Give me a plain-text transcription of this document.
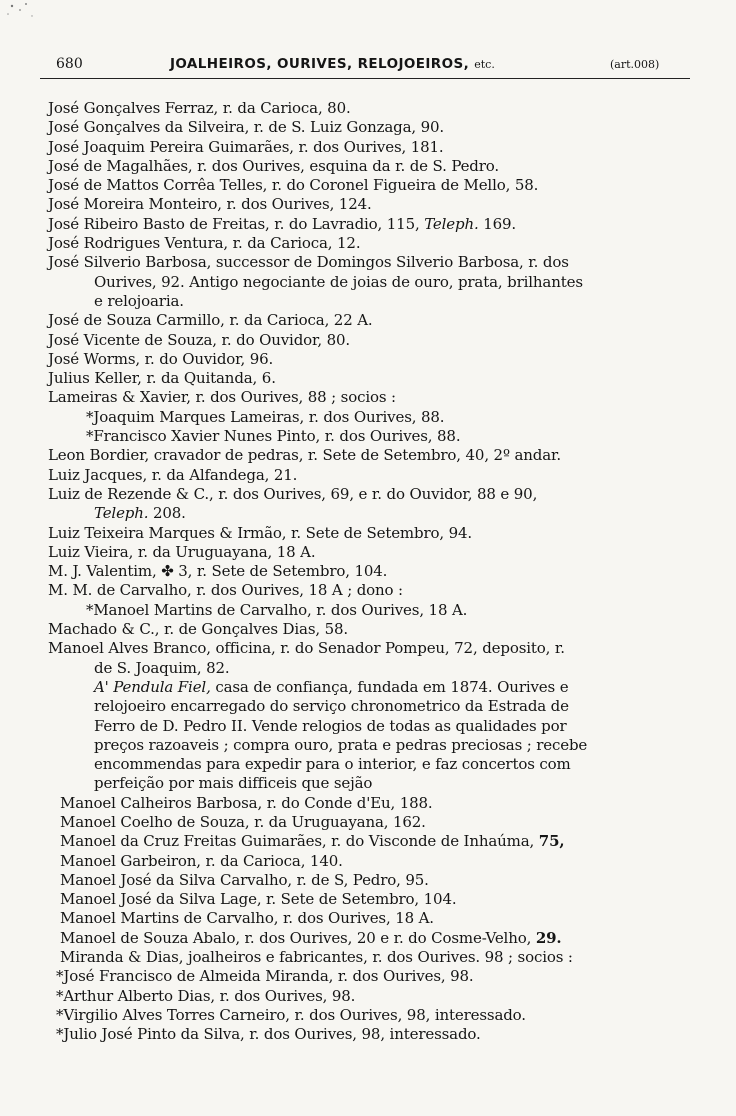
680	JOALHEIROS, OURIVES, RELOJOEIROS, etc.	(art.008)
José Gonçalves Ferraz, r. da Carioca, 80.
José Gonçalves da Silveira, r. de S. Luiz Gonzaga, 90.
José Joaquim Pereira Guimarães, r. dos Ourives, 181.
José de Magalhães, r. dos Ourives, esquina da r. de S. Pedro.
José de Mattos Corrêa Telles, r. do Coronel Figueira de Mello, 58.
José Moreira Monteiro, r. dos Ourives, 124.
José Ribeiro Basto de Freitas, r. do Lavradio, 115, Teleph. 169.
José Rodrigues Ventura, r. da Carioca, 12.
José Silverio Barbosa, successor de Domingos Silverio Barbosa, r. dos
Ourives, 92. Antigo negociante de joias de ouro, prata, brilhantes
e relojoaria.
José de Souza Carmillo, r. da Carioca, 22 A.
José Vicente de Souza, r. do Ouvidor, 80.
José Worms, r. do Ouvidor, 96.
Julius Keller, r. da Quitanda, 6.
Lameiras & Xavier, r. dos Ourives, 88 ; socios :
*Joaquim Marques Lameiras, r. dos Ourives, 88.
*Francisco Xavier Nunes Pinto, r. dos Ourives, 88.
Leon Bordier, cravador de pedras, r. Sete de Setembro, 40, 2º andar.
Luiz Jacques, r. da Alfandega, 21.
Luiz de Rezende & C., r. dos Ourives, 69, e r. do Ouvidor, 88 e 90,
Teleph. 208.
Luiz Teixeira Marques & Irmão, r. Sete de Setembro, 94.
Luiz Vieira, r. da Uruguayana, 18 A.
M. J. Valentim, ✤ 3, r. Sete de Setembro, 104.
M. M. de Carvalho, r. dos Ourives, 18 A ; dono :
*Manoel Martins de Carvalho, r. dos Ourives, 18 A.
Machado & C., r. de Gonçalves Dias, 58.
Manoel Alves Branco, officina, r. do Senador Pompeu, 72, deposito, r.
de S. Joaquim, 82.
A' Pendula Fiel, casa de confiança, fundada em 1874. Ourives e
relojoeiro encarregado do serviço chronometrico da Estrada de
Ferro de D. Pedro II. Vende relogios de todas as qualidades por
preços razoaveis ; compra ouro, prata e pedras preciosas ; recebe
encommendas para expedir para o interior, e faz concertos com
perfeição por mais difficeis que sejão
Manoel Calheiros Barbosa, r. do Conde d'Eu, 188.
Manoel Coelho de Souza, r. da Uruguayana, 162.
Manoel da Cruz Freitas Guimarães, r. do Visconde de Inhaúma, 75,
Manoel Garbeiron, r. da Carioca, 140.
Manoel José da Silva Carvalho, r. de S, Pedro, 95.
Manoel José da Silva Lage, r. Sete de Setembro, 104.
Manoel Martins de Carvalho, r. dos Ourives, 18 A.
Manoel de Souza Abalo, r. dos Ourives, 20 e r. do Cosme-Velho, 29.
Miranda & Dias, joalheiros e fabricantes, r. dos Ourives. 98 ; socios :
*José Francisco de Almeida Miranda, r. dos Ourives, 98.
*Arthur Alberto Dias, r. dos Ourives, 98.
*Virgilio Alves Torres Carneiro, r. dos Ourives, 98, interessado.
*Julio José Pinto da Silva, r. dos Ourives, 98, interessado.
